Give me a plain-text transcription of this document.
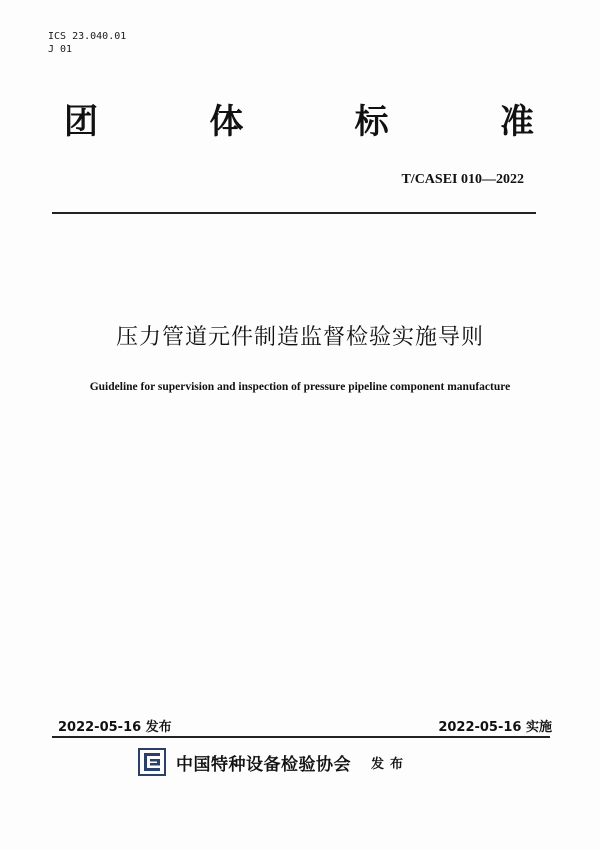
ICS 23.040.01
J 01
团	体	标	准
T/CASEI 010—2022
压力管道元件制造监督检验实施导则
Guideline for supervision and inspection of pressure pipeline component manufacture
2022-05-16 发布	2022-05-16 实施
中国特种设备检验协会 发布
